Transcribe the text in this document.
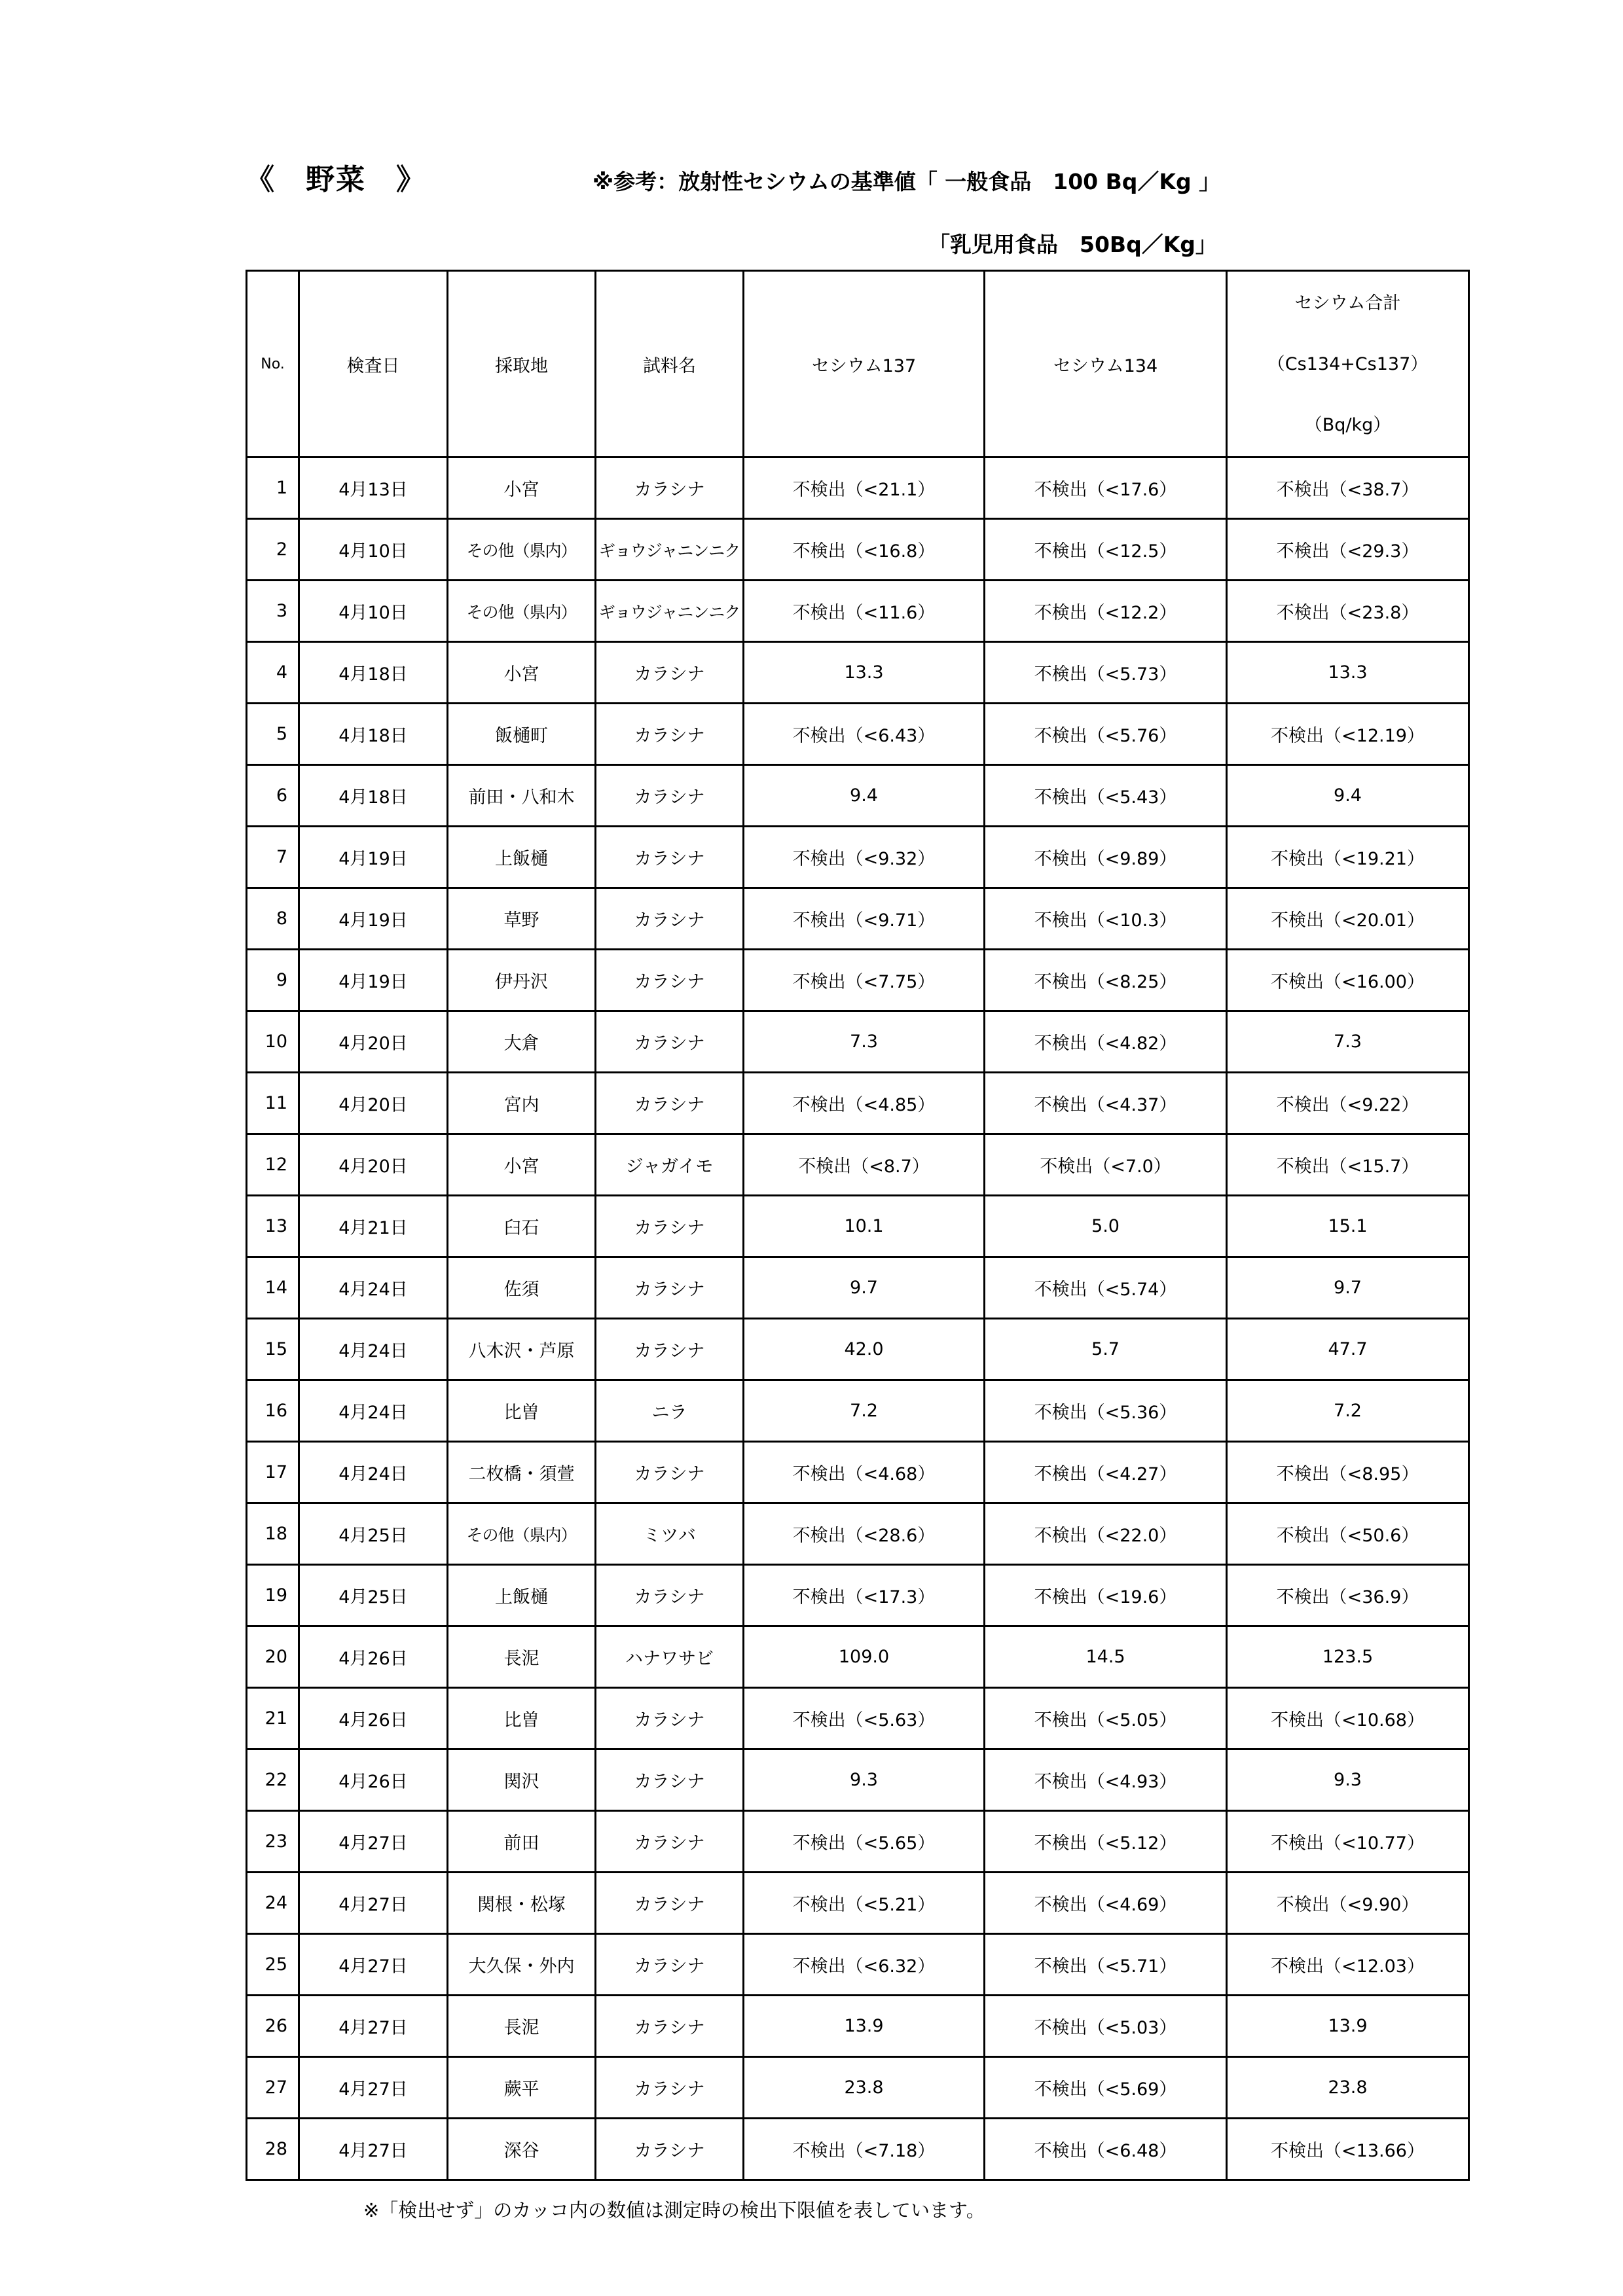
《　野菜　》	※参考：放射性セシウムの基準値「 一般食品　100 Bq／Kg 」
「乳児用食品　50Bq／Kg」
No.	検査日	採取地	試料名	セシウム137	セシウム134	セシウム合計
（Cs134+Cs137）
（Bq/kg）

1	4月13日	小宮	カラシナ	不検出（<21.1）	不検出（<17.6）	不検出（<38.7）
2	4月10日	その他（県内）	ギョウジャニンニク	不検出（<16.8）	不検出（<12.5）	不検出（<29.3）
3	4月10日	その他（県内）	ギョウジャニンニク	不検出（<11.6）	不検出（<12.2）	不検出（<23.8）
4	4月18日	小宮	カラシナ	13.3	不検出（<5.73）	13.3
5	4月18日	飯樋町	カラシナ	不検出（<6.43）	不検出（<5.76）	不検出（<12.19）
6	4月18日	前田・八和木	カラシナ	9.4	不検出（<5.43）	9.4
7	4月19日	上飯樋	カラシナ	不検出（<9.32）	不検出（<9.89）	不検出（<19.21）
8	4月19日	草野	カラシナ	不検出（<9.71）	不検出（<10.3）	不検出（<20.01）
9	4月19日	伊丹沢	カラシナ	不検出（<7.75）	不検出（<8.25）	不検出（<16.00）
10	4月20日	大倉	カラシナ	7.3	不検出（<4.82）	7.3
11	4月20日	宮内	カラシナ	不検出（<4.85）	不検出（<4.37）	不検出（<9.22）
12	4月20日	小宮	ジャガイモ	不検出（<8.7）	不検出（<7.0）	不検出（<15.7）
13	4月21日	臼石	カラシナ	10.1	5.0	15.1
14	4月24日	佐須	カラシナ	9.7	不検出（<5.74）	9.7
15	4月24日	八木沢・芦原	カラシナ	42.0	5.7	47.7
16	4月24日	比曽	ニラ	7.2	不検出（<5.36）	7.2
17	4月24日	二枚橋・須萱	カラシナ	不検出（<4.68）	不検出（<4.27）	不検出（<8.95）
18	4月25日	その他（県内）	ミツバ	不検出（<28.6）	不検出（<22.0）	不検出（<50.6）
19	4月25日	上飯樋	カラシナ	不検出（<17.3）	不検出（<19.6）	不検出（<36.9）
20	4月26日	長泥	ハナワサビ	109.0	14.5	123.5
21	4月26日	比曽	カラシナ	不検出（<5.63）	不検出（<5.05）	不検出（<10.68）
22	4月26日	関沢	カラシナ	9.3	不検出（<4.93）	9.3
23	4月27日	前田	カラシナ	不検出（<5.65）	不検出（<5.12）	不検出（<10.77）
24	4月27日	関根・松塚	カラシナ	不検出（<5.21）	不検出（<4.69）	不検出（<9.90）
25	4月27日	大久保・外内	カラシナ	不検出（<6.32）	不検出（<5.71）	不検出（<12.03）
26	4月27日	長泥	カラシナ	13.9	不検出（<5.03）	13.9
27	4月27日	蕨平	カラシナ	23.8	不検出（<5.69）	23.8
28	4月27日	深谷	カラシナ	不検出（<7.18）	不検出（<6.48）	不検出（<13.66）
※「検出せず」のカッコ内の数値は測定時の検出下限値を表しています。
